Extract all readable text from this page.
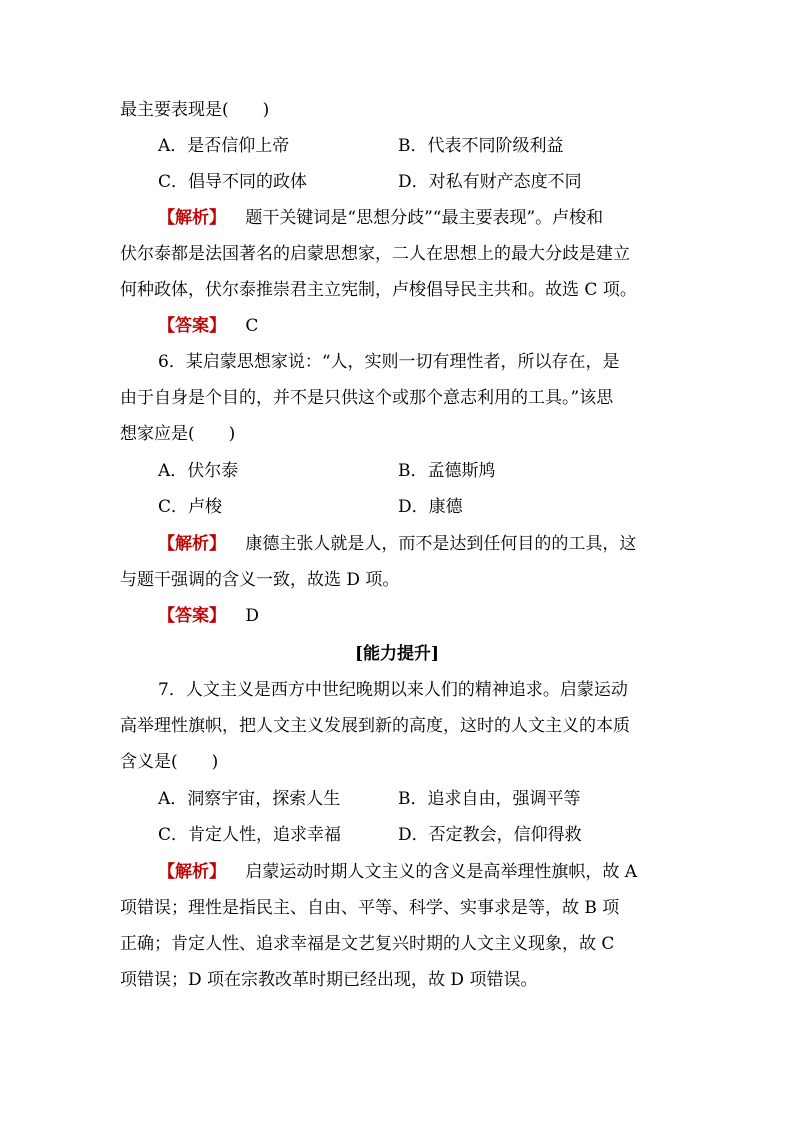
最主要表现是(　　)
A．是否信仰上帝	B．代表不同阶级利益
C．倡导不同的政体	D．对私有财产态度不同
【解析】 题干关键词是“思想分歧”“最主要表现”。卢梭和
伏尔泰都是法国著名的启蒙思想家，二人在思想上的最大分歧是建立
何种政体，伏尔泰推崇君主立宪制，卢梭倡导民主共和。故选 C 项。
【答案】 C
6．某启蒙思想家说：“人，实则一切有理性者，所以存在，是
由于自身是个目的，并不是只供这个或那个意志利用的工具。”该思
想家应是(　　)
A．伏尔泰	B．孟德斯鸠
C．卢梭	D．康德
【解析】 康德主张人就是人，而不是达到任何目的的工具，这
与题干强调的含义一致，故选 D 项。
【答案】 D
[能力提升]
7．人文主义是西方中世纪晚期以来人们的精神追求。启蒙运动
高举理性旗帜，把人文主义发展到新的高度，这时的人文主义的本质
含义是(　　)
A．洞察宇宙，探索人生	B．追求自由，强调平等
C．肯定人性，追求幸福	D．否定教会，信仰得救
【解析】 启蒙运动时期人文主义的含义是高举理性旗帜，故 A
项错误；理性是指民主、自由、平等、科学、实事求是等，故 B 项
正确；肯定人性、追求幸福是文艺复兴时期的人文主义现象，故 C
项错误；D 项在宗教改革时期已经出现，故 D 项错误。
